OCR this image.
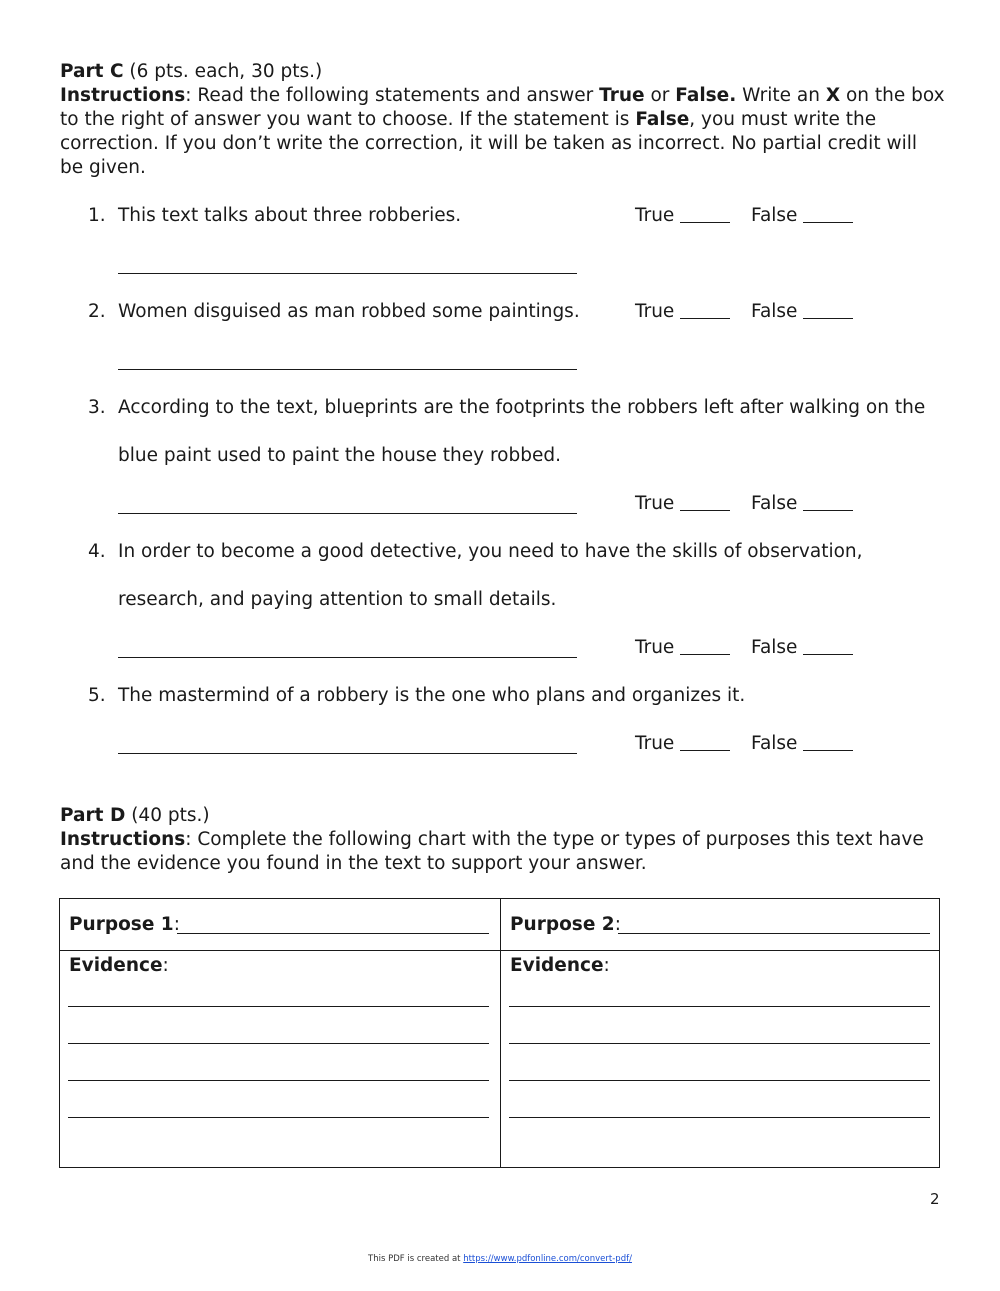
Part C (6 pts. each, 30 pts.)
Instructions: Read the following statements and answer True or False. Write an X on the box to the right of answer you want to choose. If the statement is False, you must write the correction. If you don’t write the correction, it will be taken as incorrect. No partial credit will be given.
1. This text talks about three robberies.	True	False
2. Women disguised as man robbed some paintings.	True	False
3. According to the text, blueprints are the footprints the robbers left after walking on the
blue paint used to paint the house they robbed.
True	False
4. In order to become a good detective, you need to have the skills of observation,
research, and paying attention to small details.
True	False
5. The mastermind of a robbery is the one who plans and organizes it.
True	False
Part D (40 pts.)
Instructions: Complete the following chart with the type or types of purposes this text have and the evidence you found in the text to support your answer.
Purpose 1:	Purpose 2:

Evidence:	Evidence:
2
This PDF is created at https://www.pdfonline.com/convert-pdf/
